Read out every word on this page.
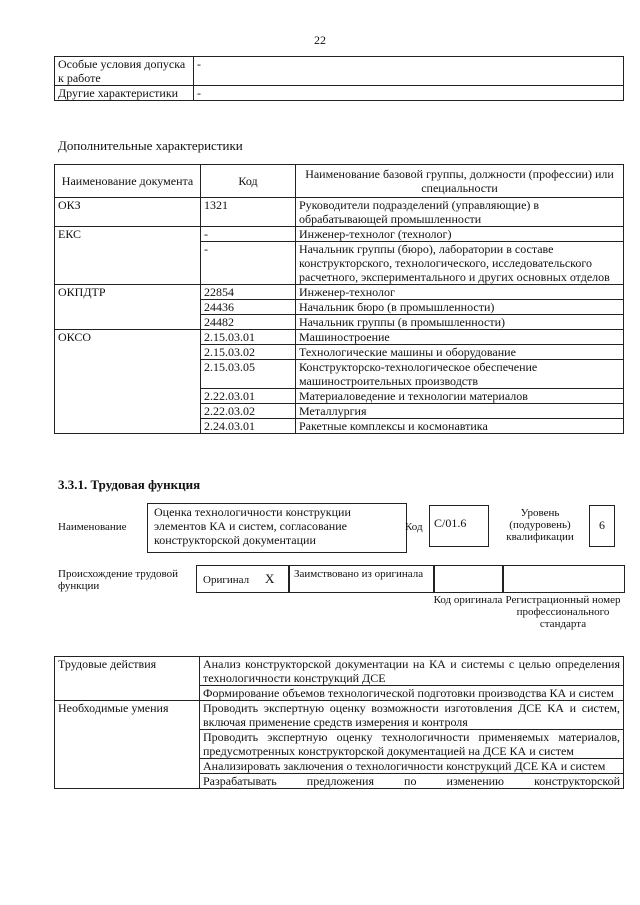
22
Особые условия допуска к работе	-
Другие характеристики	-
Дополнительные характеристики
Наименование документа	Код	Наименование базовой группы, должности (профессии) или специальности
ОКЗ	1321	Руководители подразделений (управляющие) в обрабатывающей промышленности
ЕКС	-	Инженер-технолог (технолог)
	-	Начальник группы (бюро), лаборатории в составе конструкторского, технологического, исследовательского расчетного, экспериментального и других основных отделов
ОКПДТР	22854	Инженер-технолог
	24436	Начальник бюро (в промышленности)
	24482	Начальник группы (в промышленности)
ОКСО	2.15.03.01	Машиностроение
	2.15.03.02	Технологические машины и оборудование
	2.15.03.05	Конструкторско-технологическое обеспечение машиностроительных производств
	2.22.03.01	Материаловедение и технологии материалов
	2.22.03.02	Металлургия
	2.24.03.01	Ракетные комплексы и космонавтика
3.3.1. Трудовая функция
Наименование
Оценка технологичности конструкции элементов КА и систем, согласование конструкторской документации
Код С/01.6
Уровень (подуровень) квалификации
6
Происхождение трудовой функции	Оригинал X Заимствовано из оригинала
Код оригинала Регистрационный номер профессионального стандарта
Трудовые действия	Анализ конструкторской документации на КА и системы с целью определения технологичности конструкций ДСЕ
	Формирование объемов технологической подготовки производства КА и систем
Необходимые умения	Проводить экспертную оценку возможности изготовления ДСЕ КА и систем, включая применение средств измерения и контроля
	Проводить экспертную оценку технологичности применяемых материалов, предусмотренных конструкторской документацией на ДСЕ КА и систем
	Анализировать заключения о технологичности конструкций ДСЕ КА и систем
	Разрабатывать предложения по изменению конструкторской
